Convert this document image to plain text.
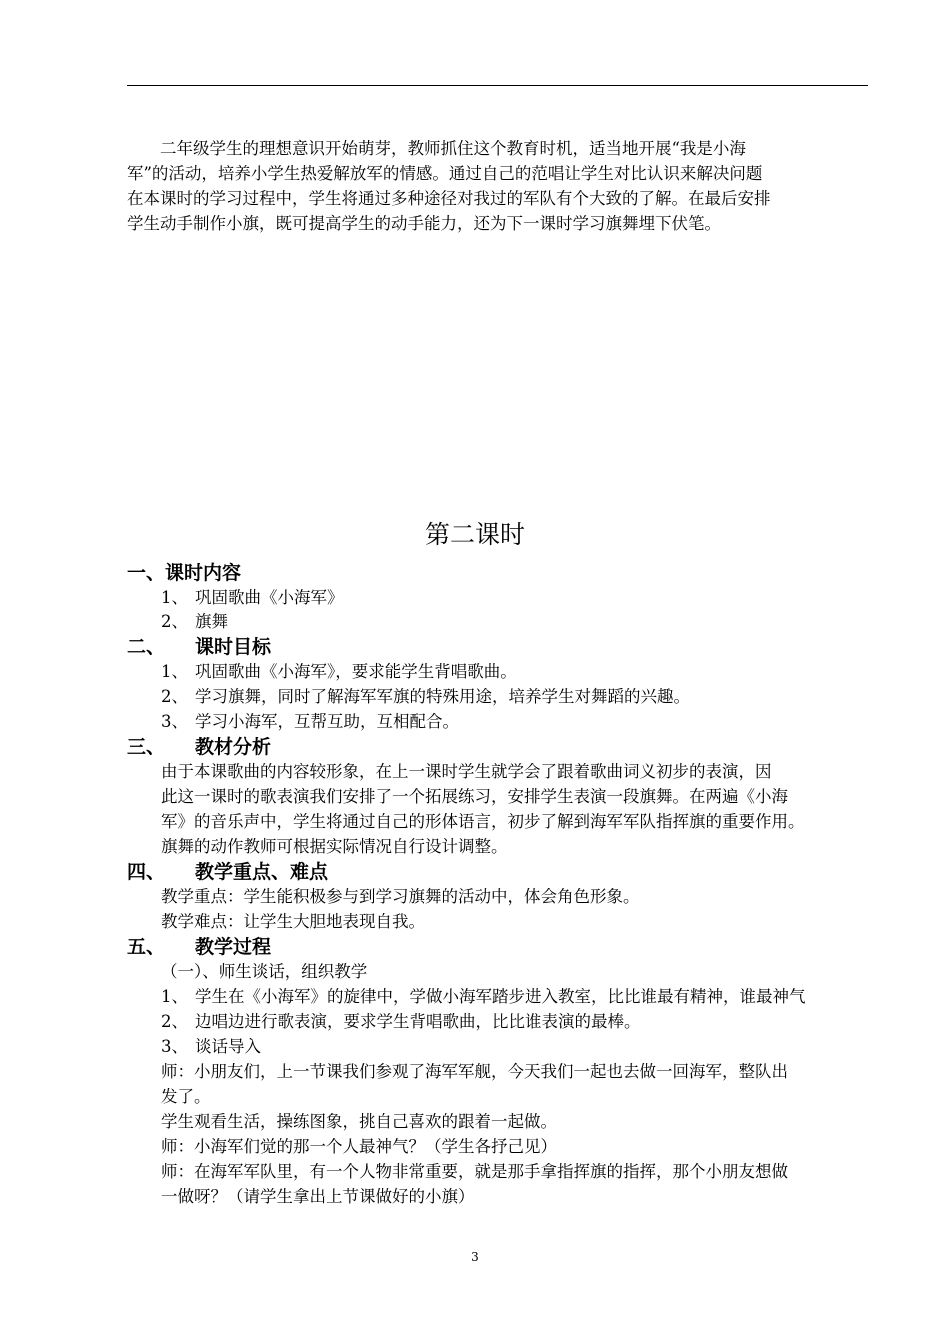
二年级学生的理想意识开始萌芽，教师抓住这个教育时机，适当地开展“我是小海
军”的活动，培养小学生热爱解放军的情感。通过自己的范唱让学生对比认识来解决问题
在本课时的学习过程中，学生将通过多种途径对我过的军队有个大致的了解。在最后安排
学生动手制作小旗，既可提高学生的动手能力，还为下一课时学习旗舞埋下伏笔。
第二课时
一、课时内容
1、 巩固歌曲《小海军》
2、 旗舞
二、 课时目标
1、 巩固歌曲《小海军》，要求能学生背唱歌曲。
2、 学习旗舞，同时了解海军军旗的特殊用途，培养学生对舞蹈的兴趣。
3、 学习小海军，互帮互助，互相配合。
三、 教材分析
由于本课歌曲的内容较形象，在上一课时学生就学会了跟着歌曲词义初步的表演，因
此这一课时的歌表演我们安排了一个拓展练习，安排学生表演一段旗舞。在两遍《小海
军》的音乐声中，学生将通过自己的形体语言，初步了解到海军军队指挥旗的重要作用。
旗舞的动作教师可根据实际情况自行设计调整。
四、 教学重点、难点
教学重点：学生能积极参与到学习旗舞的活动中，体会角色形象。
教学难点：让学生大胆地表现自我。
五、 教学过程
（一）、师生谈话，组织教学
1、 学生在《小海军》的旋律中，学做小海军踏步进入教室，比比谁最有精神，谁最神气
2、 边唱边进行歌表演，要求学生背唱歌曲，比比谁表演的最棒。
3、 谈话导入
师：小朋友们，上一节课我们参观了海军军舰，今天我们一起也去做一回海军，整队出
发了。
学生观看生活，操练图象，挑自己喜欢的跟着一起做。
师：小海军们觉的那一个人最神气？（学生各抒己见）
师：在海军军队里，有一个人物非常重要，就是那手拿指挥旗的指挥，那个小朋友想做
一做呀？（请学生拿出上节课做好的小旗）
3
